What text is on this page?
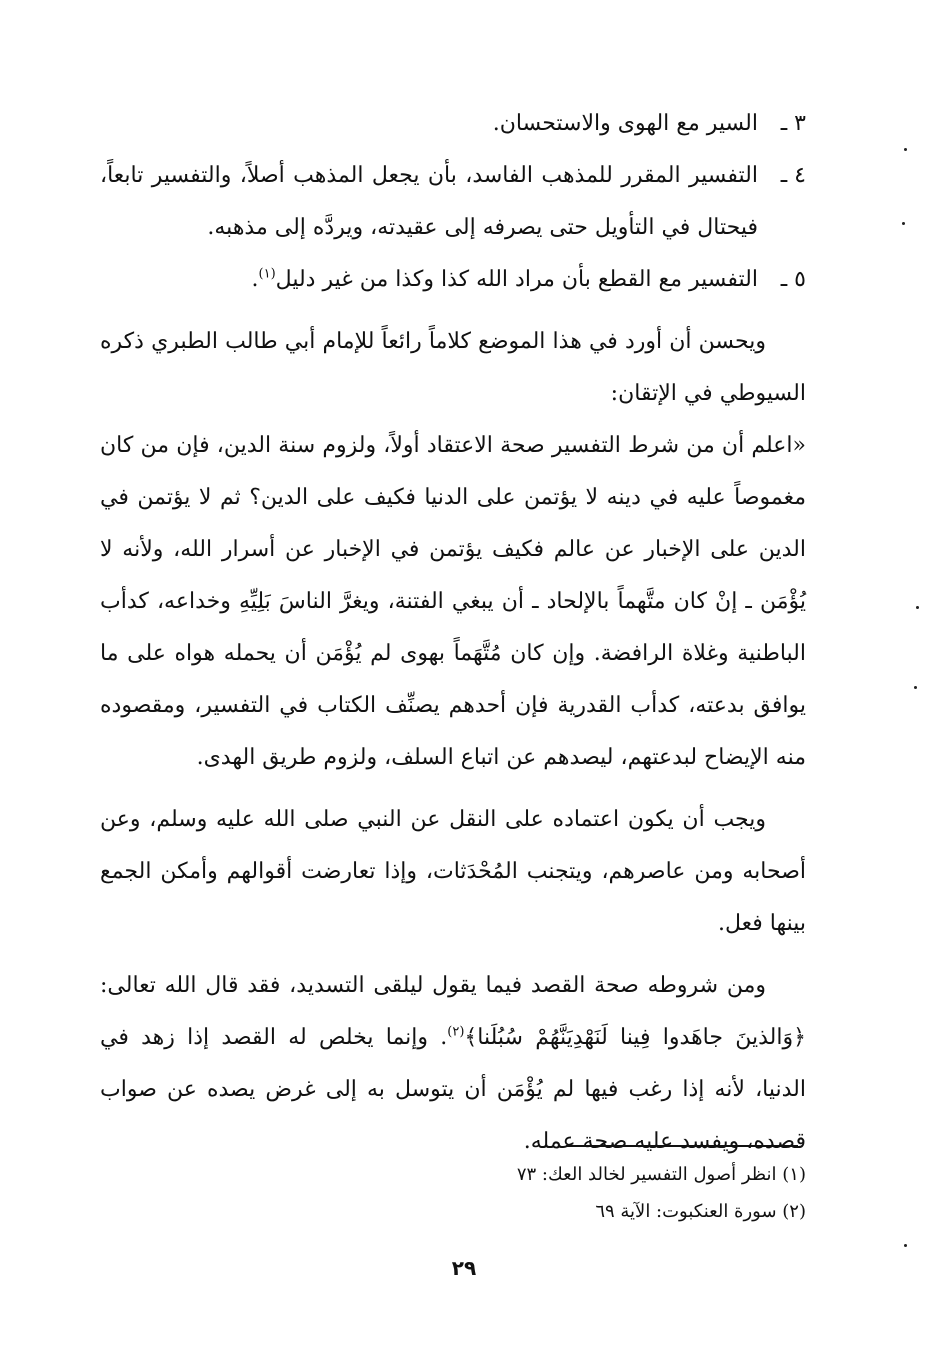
٣ ـ
السير مع الهوى والاستحسان.
٤ ـ
التفسير المقرر للمذهب الفاسد، بأن يجعل المذهب أصلاً، والتفسير تابعاً، فيحتال في التأويل حتى يصرفه إلى عقيدته، ويردَّه إلى مذهبه.
٥ ـ
التفسير مع القطع بأن مراد الله كذا وكذا من غير دليل$^{(١)}$.

ويحسن أن أورد في هذا الموضع كلاماً رائعاً للإمام أبي طالب الطبري ذكره السيوطي في الإتقان:

«اعلم أن من شرط التفسير صحة الاعتقاد أولاً، ولزوم سنة الدين، فإن من كان مغموصاً عليه في دينه لا يؤتمن على الدنيا فكيف على الدين؟ ثم لا يؤتمن في الدين على الإخبار عن عالم فكيف يؤتمن في الإخبار عن أسرار الله، ولأنه لا يُؤْمَن ـ إنْ كان متَّهماً بالإلحاد ـ أن يبغي الفتنة، ويغرَّ الناسَ بَلِيِّهِ وخداعه، كدأب الباطنية وغلاة الرافضة. وإن كان مُتَّهَماً بهوى لم يُؤْمَن أن يحمله هواه على ما يوافق بدعته، كدأب القدرية فإن أحدهم يصنِّف الكتاب في التفسير، ومقصوده منه الإيضاح لبدعتهم، ليصدهم عن اتباع السلف، ولزوم طريق الهدى.

ويجب أن يكون اعتماده على النقل عن النبي صلى الله عليه وسلم، وعن أصحابه ومن عاصرهم، ويتجنب المُحْدَثات، وإذا تعارضت أقوالهم وأمكن الجمع بينها فعل.

ومن شروطه صحة القصد فيما يقول ليلقى التسديد، فقد قال الله تعالى: ﴿وَالذينَ جاهَدوا فِينا لَنَهْدِيَنَّهُمْ سُبُلَنا﴾$^{(٢)}$. وإنما يخلص له القصد إذا زهد في الدنيا، لأنه إذا رغب فيها لم يُؤْمَن أن يتوسل به إلى غرض يصده عن صواب قصده، ويفسد عليه صحة عمله.

(١) انظر أصول التفسير لخالد العك: ٧٣
(٢) سورة العنكبوت: الآية ٦٩
٢٩
